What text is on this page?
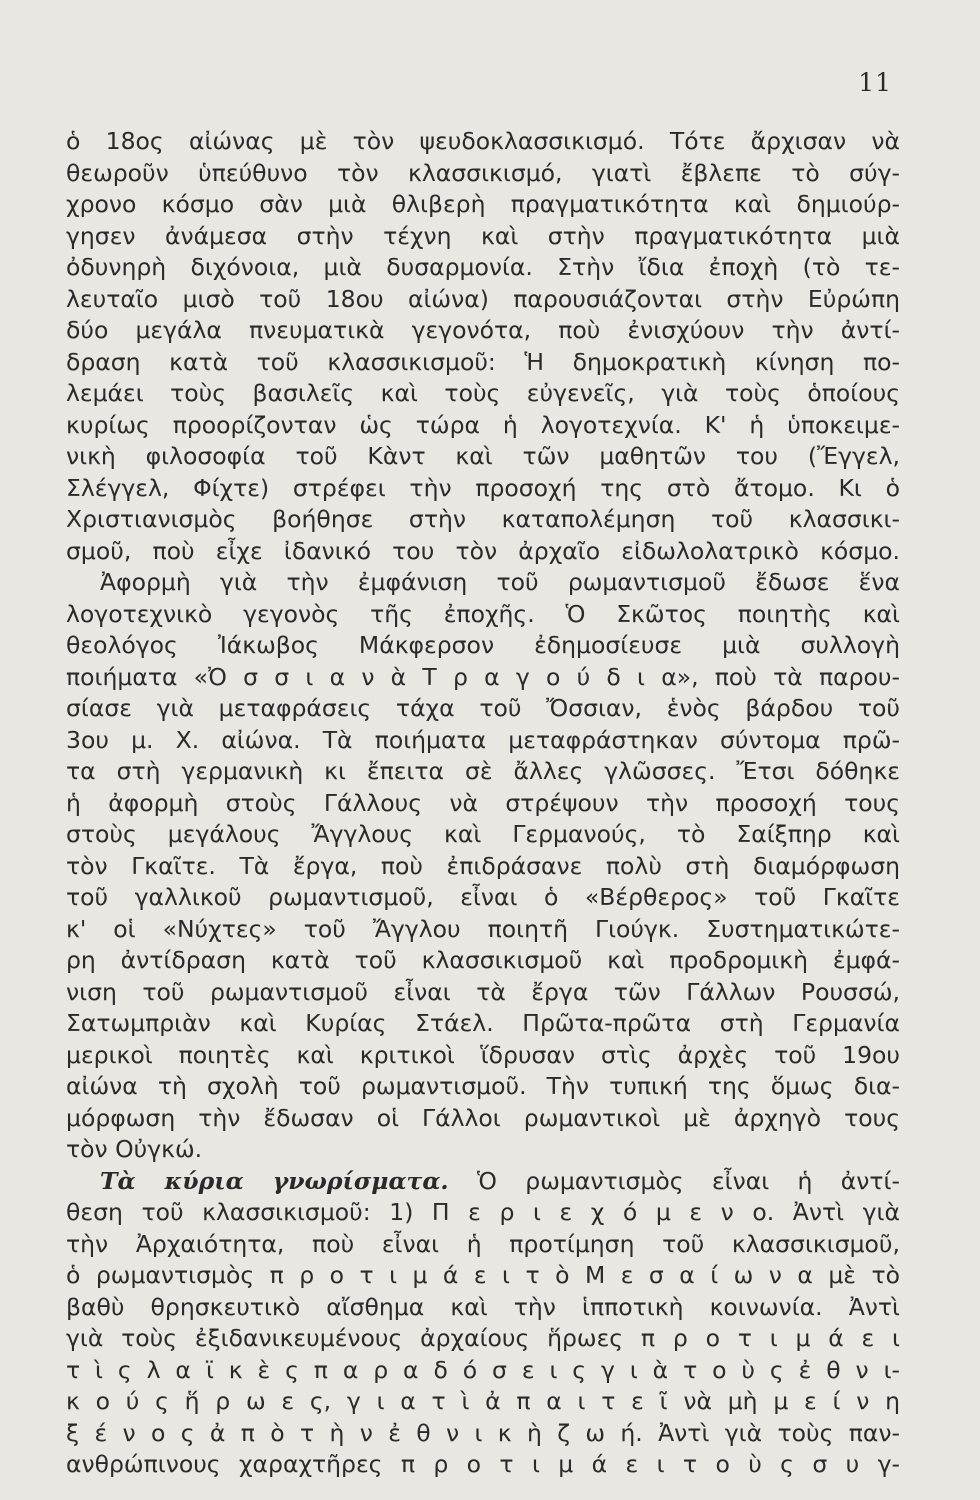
11
ὁ 18ος αἰώνας μὲ τὸν ψευδοκλασσικισμό. Τότε ἄρχισαν νὰ
θεωροῦν ὑπεύθυνο τὸν κλασσικισμό, γιατὶ ἔβλεπε τὸ σύγ-
χρονο κόσμο σὰν μιὰ θλιβερὴ πραγματικότητα καὶ δημιούρ-
γησεν ἀνάμεσα στὴν τέχνη καὶ στὴν πραγματικότητα μιὰ
ὀδυνηρὴ διχόνοια, μιὰ δυσαρμονία. Στὴν ἴδια ἐποχὴ (τὸ τε-
λευταῖο μισὸ τοῦ 18ου αἰώνα) παρουσιάζονται στὴν Εὐρώπη
δύο μεγάλα πνευματικὰ γεγονότα, ποὺ ἐνισχύουν τὴν ἀντί-
δραση κατὰ τοῦ κλασσικισμοῦ: Ἡ δημοκρατικὴ κίνηση πο-
λεμάει τοὺς βασιλεῖς καὶ τοὺς εὐγενεῖς, γιὰ τοὺς ὁποίους
κυρίως προορίζονταν ὡς τώρα ἡ λογοτεχνία. Κ' ἡ ὑποκειμε-
νικὴ φιλοσοφία τοῦ Κὰντ καὶ τῶν μαθητῶν του (Ἔγγελ,
Σλέγγελ, Φίχτε) στρέφει τὴν προσοχή της στὸ ἄτομο. Κι ὁ
Χριστιανισμὸς βοήθησε στὴν καταπολέμηση τοῦ κλασσικι-
σμοῦ, ποὺ εἶχε ἰδανικό του τὸν ἀρχαῖο εἰδωλολατρικὸ κόσμο.
Ἀφορμὴ γιὰ τὴν ἐμφάνιση τοῦ ρωμαντισμοῦ ἔδωσε ἕνα
λογοτεχνικὸ γεγονὸς τῆς ἐποχῆς. Ὁ Σκῶτος ποιητὴς καὶ
θεολόγος Ἰάκωβος Μάκφερσον ἐδημοσίευσε μιὰ συλλογὴ
ποιήματα «Ὀ σ σ ι α ν ὰ Τ ρ α γ ο ύ δ ι α», ποὺ τὰ παρου-
σίασε γιὰ μεταφράσεις τάχα τοῦ Ὄσσιαν, ἑνὸς βάρδου τοῦ
3ου μ. Χ. αἰώνα. Τὰ ποιήματα μεταφράστηκαν σύντομα πρῶ-
τα στὴ γερμανικὴ κι ἔπειτα σὲ ἄλλες γλῶσσες. Ἔτσι δόθηκε
ἡ ἀφορμὴ στοὺς Γάλλους νὰ στρέψουν τὴν προσοχή τους
στοὺς μεγάλους Ἄγγλους καὶ Γερμανούς, τὸ Σαίξπηρ καὶ
τὸν Γκαῖτε. Τὰ ἔργα, ποὺ ἐπιδράσανε πολὺ στὴ διαμόρφωση
τοῦ γαλλικοῦ ρωμαντισμοῦ, εἶναι ὁ «Βέρθερος» τοῦ Γκαῖτε
κ' οἱ «Νύχτες» τοῦ Ἄγγλου ποιητῆ Γιούγκ. Συστηματικώτε-
ρη ἀντίδραση κατὰ τοῦ κλασσικισμοῦ καὶ προδρομικὴ ἐμφά-
νιση τοῦ ρωμαντισμοῦ εἶναι τὰ ἔργα τῶν Γάλλων Ρουσσώ,
Σατωμπριὰν καὶ Κυρίας Στάελ. Πρῶτα-πρῶτα στὴ Γερμανία
μερικοὶ ποιητὲς καὶ κριτικοὶ ἵδρυσαν στὶς ἀρχὲς τοῦ 19ου
αἰώνα τὴ σχολὴ τοῦ ρωμαντισμοῦ. Τὴν τυπική της ὅμως δια-
μόρφωση τὴν ἔδωσαν οἱ Γάλλοι ρωμαντικοὶ μὲ ἀρχηγὸ τους
τὸν Οὐγκώ.
Τὰ κύρια γνωρίσματα. Ὁ ρωμαντισμὸς εἶναι ἡ ἀντί-
θεση τοῦ κλασσικισμοῦ: 1) Π ε ρ ι ε χ ό μ ε ν ο. Ἀντὶ γιὰ
τὴν Ἀρχαιότητα, ποὺ εἶναι ἡ προτίμηση τοῦ κλασσικισμοῦ,
ὁ ρωμαντισμὸς π ρ ο τ ι μ ά ε ι τ ὸ Μ ε σ α ί ω ν α μὲ τὸ
βαθὺ θρησκευτικὸ αἴσθημα καὶ τὴν ἱπποτικὴ κοινωνία. Ἀντὶ
γιὰ τοὺς ἐξιδανικευμένους ἀρχαίους ἥρωες π ρ ο τ ι μ ά ε ι
τ ὶ ς λ α ϊ κ ὲ ς π α ρ α δ ό σ ε ι ς γ ι ὰ τ ο ὺ ς ἐ θ ν ι-
κ ο ύ ς ἥ ρ ω ε ς, γ ι α τ ὶ ἀ π α ι τ ε ῖ νὰ μὴ μ ε ί ν η
ξ έ ν ο ς ἀ π ὸ τ ὴ ν ἐ θ ν ι κ ὴ ζ ω ή. Ἀντὶ γιὰ τοὺς παν-
ανθρώπινους χαραχτῆρες π ρ ο τ ι μ ά ε ι τ ο ὺ ς σ υ γ-
